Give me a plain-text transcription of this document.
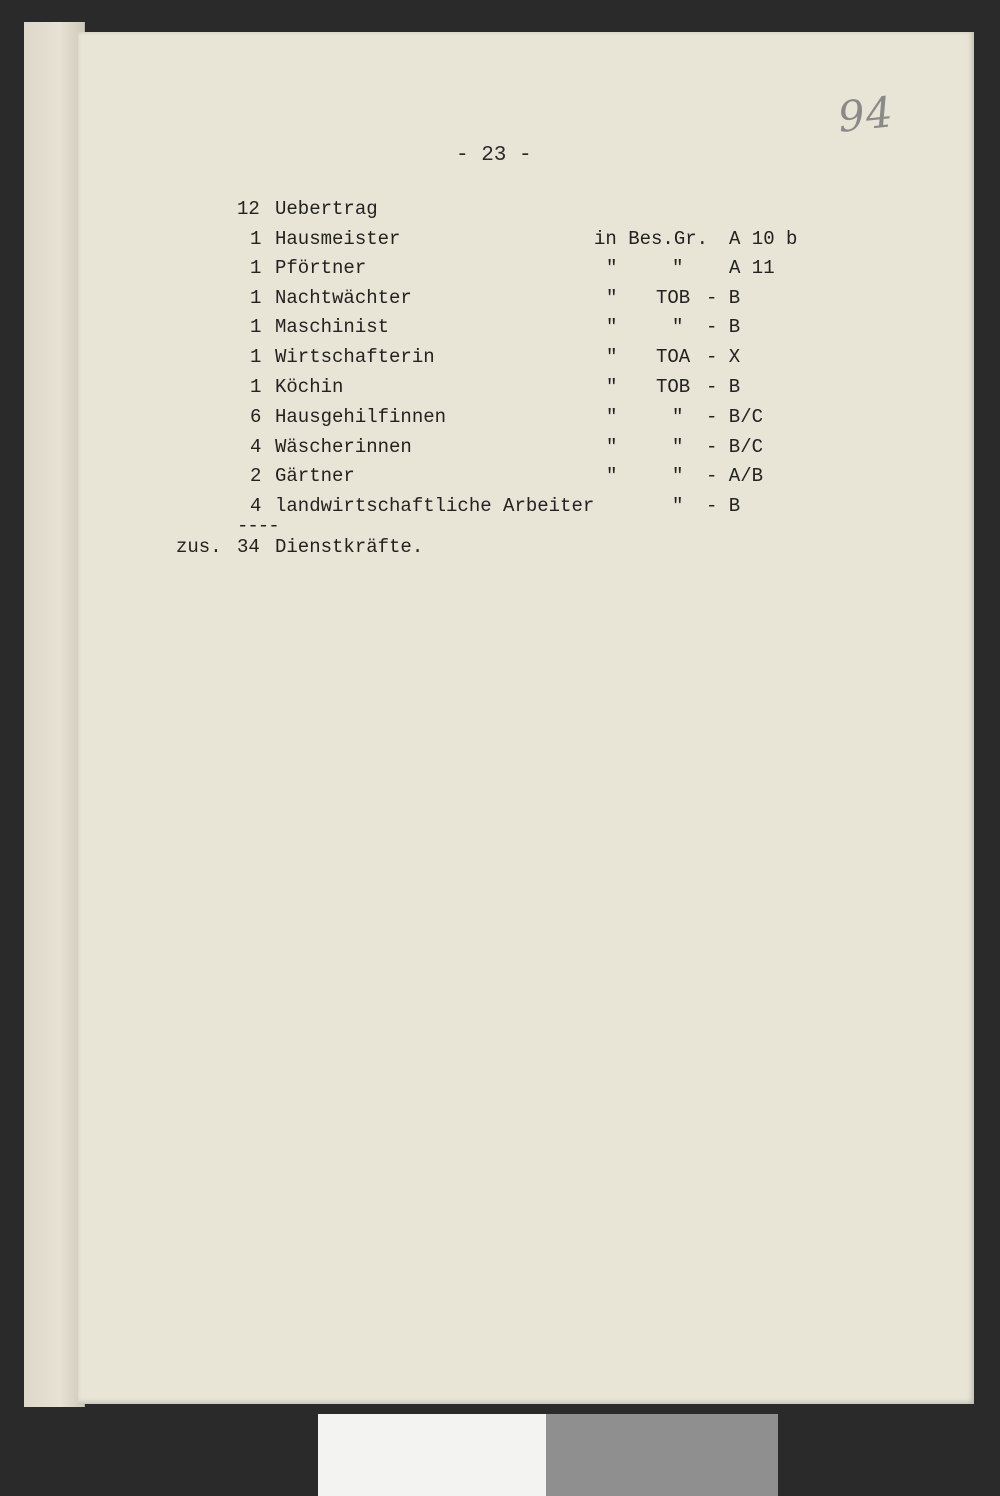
94
- 23 -
12 Uebertrag
1 Hausmeister	in Bes.Gr. A 10 b
1 Pförtner	"	" A 11
1 Nachtwächter	" TOB - B
1 Maschinist	"	" - B
1 Wirtschafterin	" TOA - X
1 Köchin	" TOB - B
6 Hausgehilfinnen	"	" - B/C
4 Wäscherinnen	"	" - B/C
2 Gärtner	"	" - A/B
4 landwirtschaftliche Arbeiter	" - B
----
zus. 34 Dienstkräfte.
